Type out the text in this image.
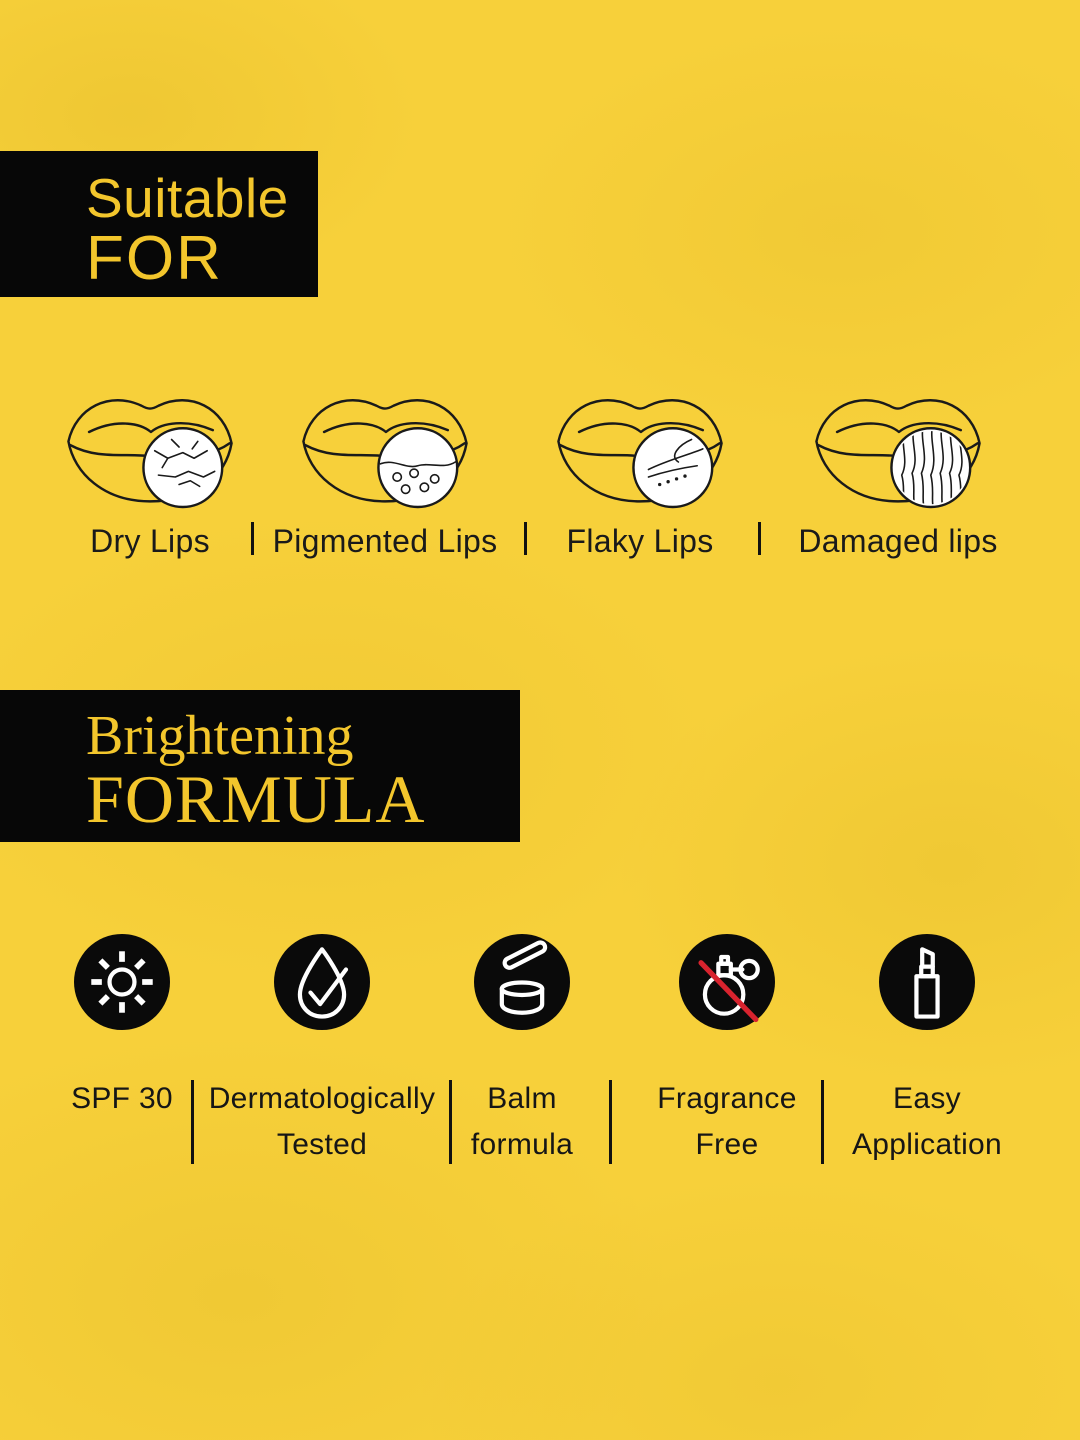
Suitable
FOR
Dry Lips	Pigmented Lips	Flaky Lips	Damaged lips
Brightening
FORMULA
SPF 30	Dermatologically
Tested
Balm
formula
Fragrance
Free
Easy
Application
